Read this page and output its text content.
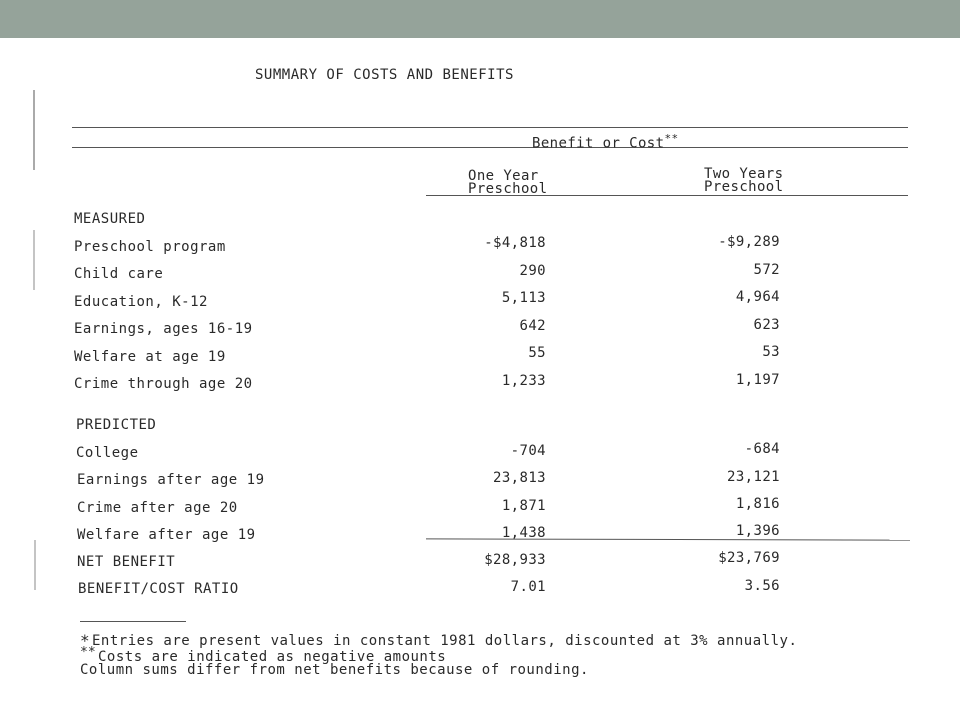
SUMMARY OF COSTS AND BENEFITS
Benefit or Cost**
One Year
Preschool
Two Years
Preschool
MEASURED
Preschool program	-$4,818	-$9,289
Child care	290	572
Education, K-12	5,113	4,964
Earnings, ages 16-19	642	623
Welfare at age 19	55	53
Crime through age 20	1,233	1,197
PREDICTED
College	-704	-684
Earnings after age 19	23,813	23,121
Crime after age 20	1,871	1,816
Welfare after age 19	1,438	1,396
NET BENEFIT	$28,933	$23,769
BENEFIT/COST RATIO	7.01	3.56
* Entries are present values in constant 1981 dollars, discounted at 3% annually.
** Costs are indicated as negative amounts
Column sums differ from net benefits because of rounding.
